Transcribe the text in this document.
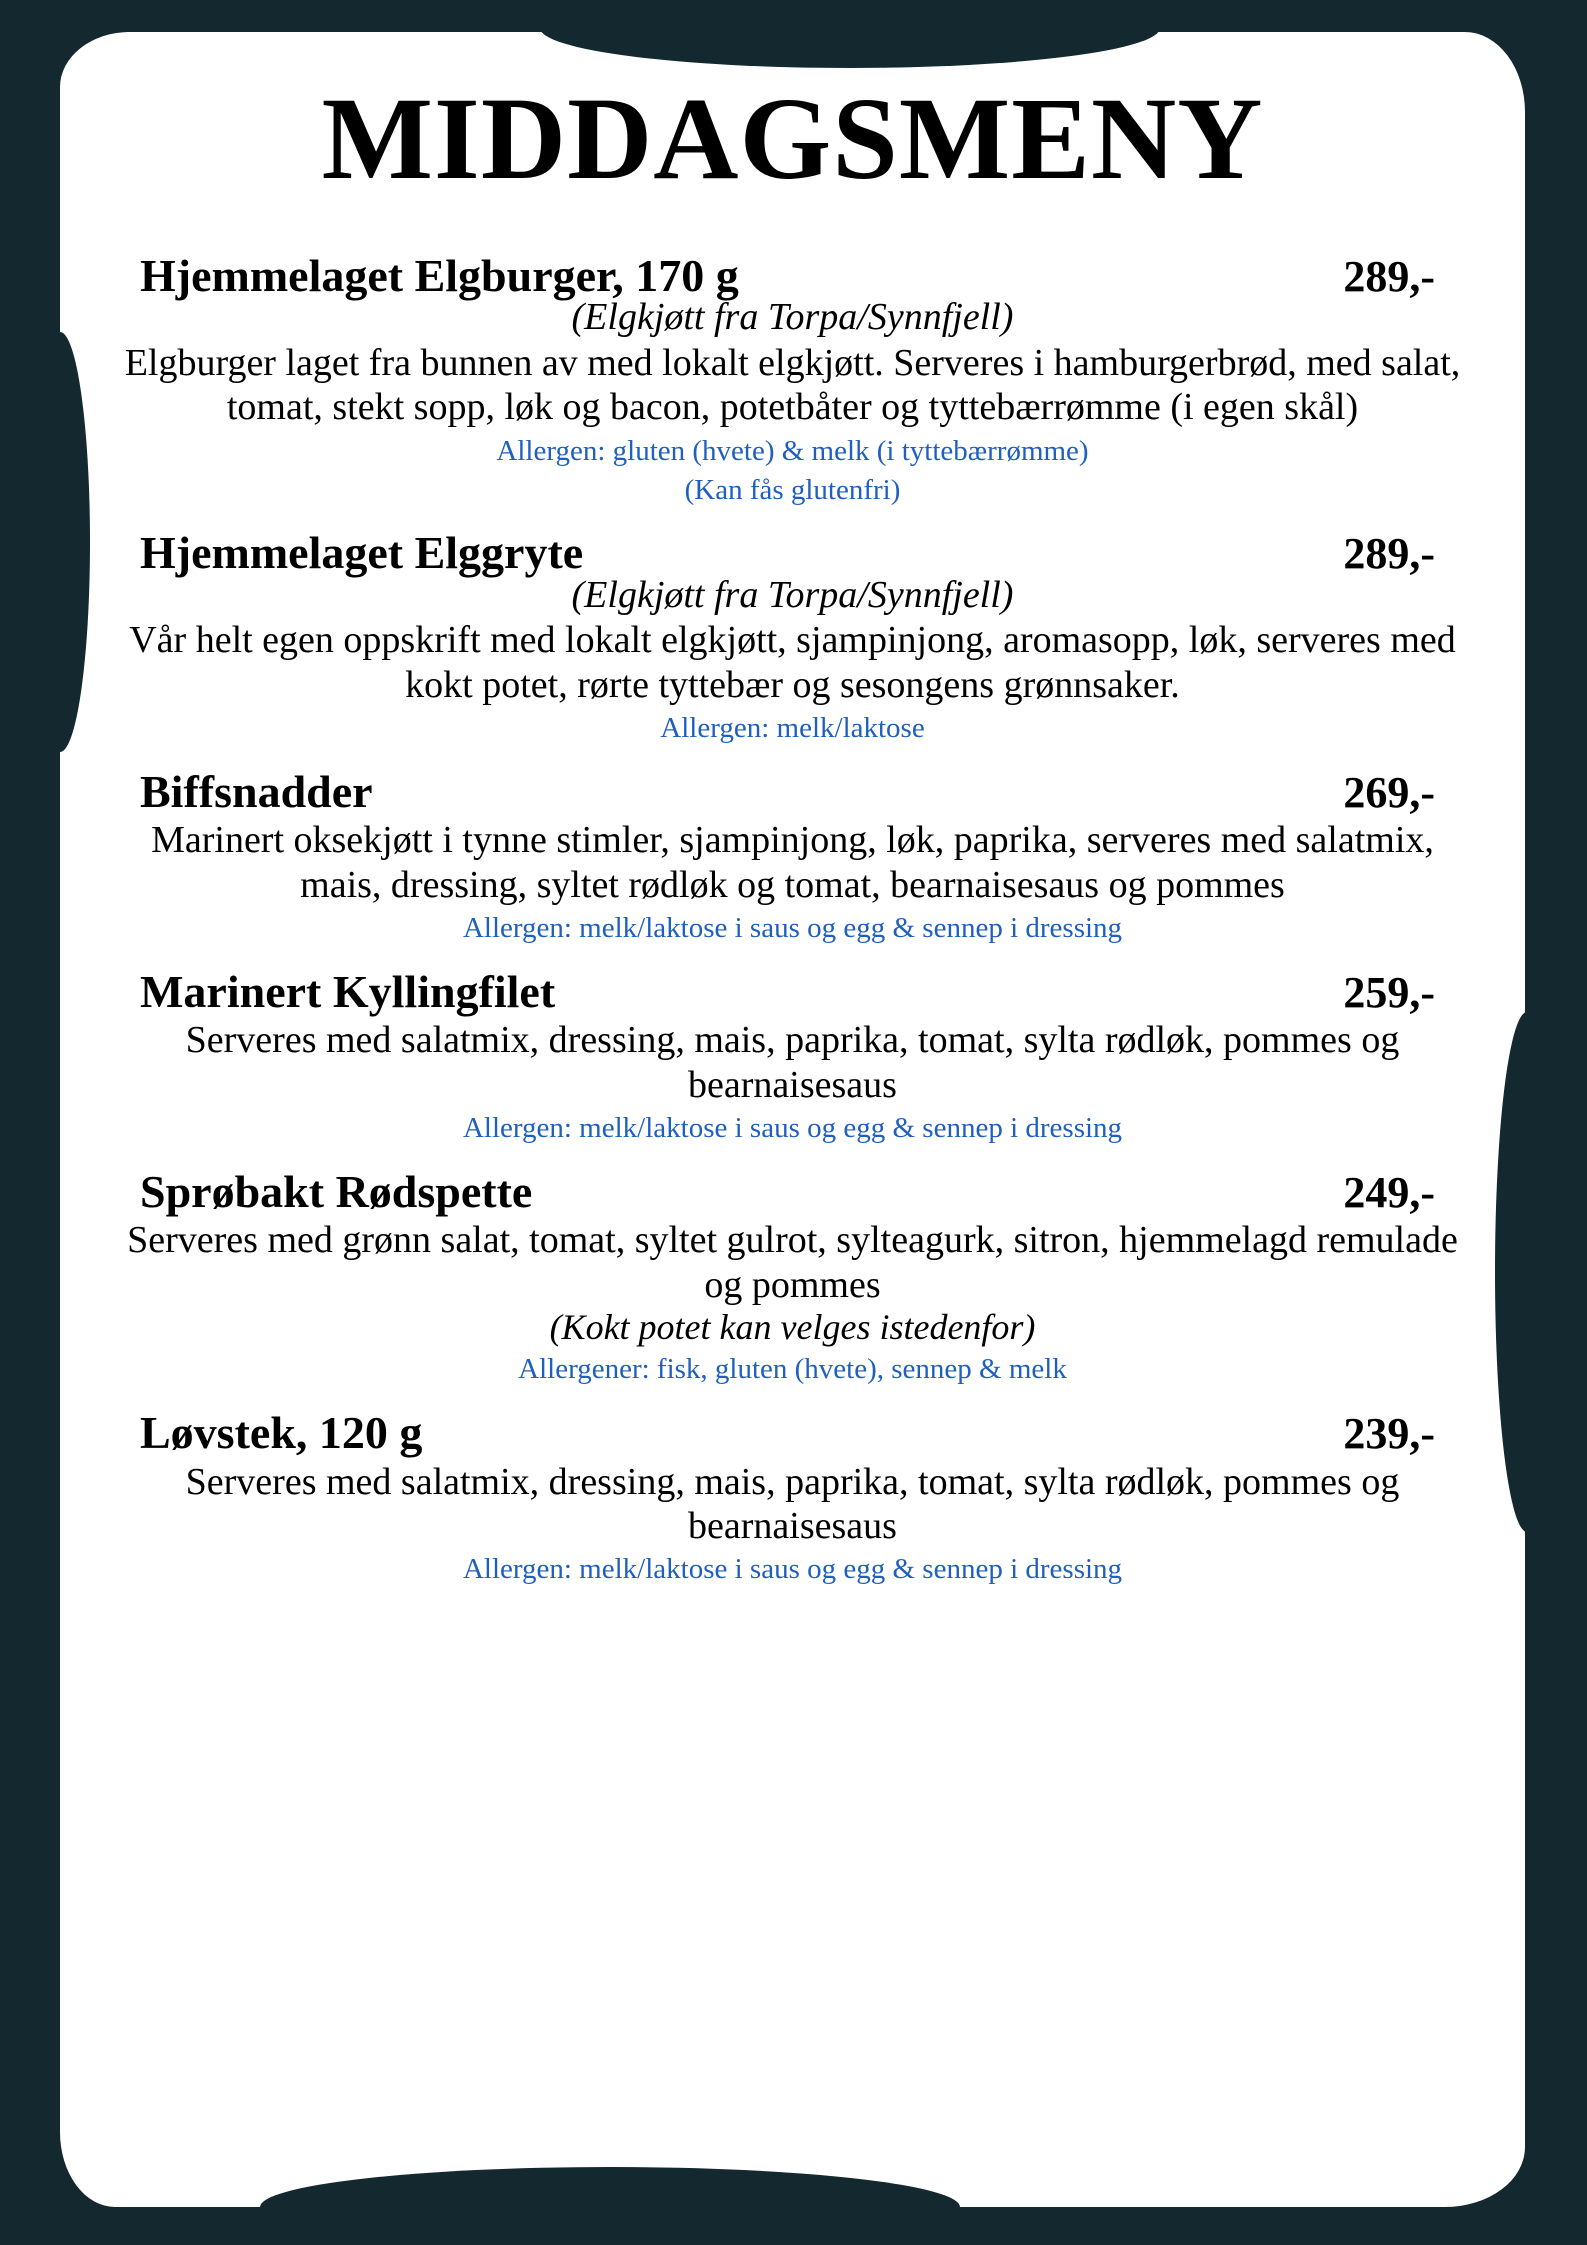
MIDDAGSMENY
Hjemmelaget Elgburger, 170 g	289,-
(Elgkjøtt fra Torpa/Synnfjell)
Elgburger laget fra bunnen av med lokalt elgkjøtt. Serveres i hamburgerbrød, med salat, tomat, stekt sopp, løk og bacon, potetbåter og tyttebærrømme (i egen skål)
Allergen: gluten (hvete) & melk (i tyttebærrømme)
(Kan fås glutenfri)
Hjemmelaget Elggryte	289,-
(Elgkjøtt fra Torpa/Synnfjell)
Vår helt egen oppskrift med lokalt elgkjøtt, sjampinjong, aromasopp, løk, serveres med kokt potet, rørte tyttebær og sesongens grønnsaker.
Allergen: melk/laktose
Biffsnadder	269,-
Marinert oksekjøtt i tynne stimler, sjampinjong, løk, paprika, serveres med salatmix, mais, dressing, syltet rødløk og tomat, bearnaisesaus og pommes
Allergen: melk/laktose i saus og egg & sennep i dressing
Marinert Kyllingfilet	259,-
Serveres med salatmix, dressing, mais, paprika, tomat, sylta rødløk, pommes og bearnaisesaus
Allergen: melk/laktose i saus og egg & sennep i dressing
Sprøbakt Rødspette	249,-
Serveres med grønn salat, tomat, syltet gulrot, sylteagurk, sitron, hjemmelagd remulade og pommes
(Kokt potet kan velges istedenfor)
Allergener: fisk, gluten (hvete), sennep & melk
Løvstek, 120 g	239,-
Serveres med salatmix, dressing, mais, paprika, tomat, sylta rødløk, pommes og bearnaisesaus
Allergen: melk/laktose i saus og egg & sennep i dressing
